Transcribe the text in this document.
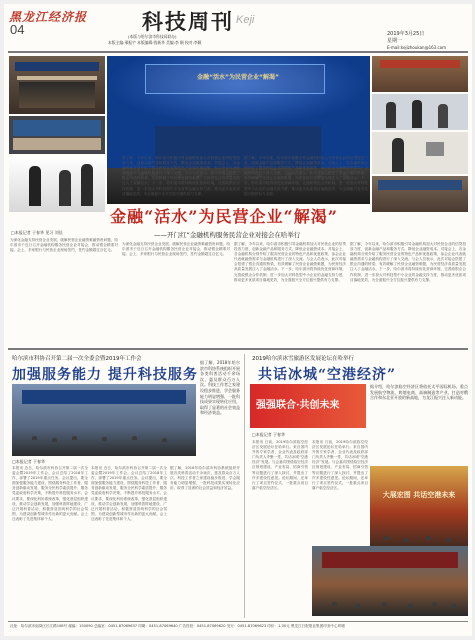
黑龙江经济报
04	科技周刊 Keji
(本版与哈尔滨市科技局联办)
本版主编:邢振宇 本版编辑:钱新华 美编:李 颖 校对:李颖
2019年3月25日
星期一
E-mail:kejizhoukan@163.com
金融“活水”为民营企业“解渴”
金融“活水”为民营企业“解渴”
——开门红“金融机构服务民营企业对接会在哈举行
□本报记者 于春华 见习 刘佳
为深化金融支持民营企业发展，破解民营企业融资难融资贵问题，哈尔滨市于近日召开金融机构服务民营企业对接会，推动银企精准对接。会上，多家银行与民营企业现场签约，签约金额超过百亿元。
据了解，今年以来，哈尔滨市积极引导金融机构加大对民营企业的信贷投放力度，创新金融产品和服务方式，降低企业融资成本。对接会上，各金融机构分别介绍了服务民营企业的特色产品和优惠政策，参会企业代表就融资需求与金融机构进行了深入交流。与会人员表示，此次对接会搭建了银企沟通的桥梁，有效缓解了民营企业融资难题，为民营经济高质量发展注入了金融活水。下一步，哈尔滨市将持续优化营商环境，完善政银企合作机制，进一步加大对科技型中小企业的金融支持力度，推动更多优质项目落地见效，为全面振兴全方位振兴提供有力支撑。
据了解，今年以来，哈尔滨市积极引导金融机构加大对民营企业的信贷投放力度，创新金融产品和服务方式，降低企业融资成本。对接会上，各金融机构分别介绍了服务民营企业的特色产品和优惠政策，参会企业代表就融资需求与金融机构进行了深入交流。与会人员表示，此次对接会搭建了银企沟通的桥梁，有效缓解了民营企业融资难题，为民营经济高质量发展注入了金融活水。下一步，哈尔滨市将持续优化营商环境，完善政银企合作机制，进一步加大对科技型中小企业的金融支持力度，推动更多优质项目落地见效，为全面振兴全方位振兴提供有力支撑。
为深化金融支持民营企业发展，破解民营企业融资难融资贵问题，哈尔滨市于近日召开金融机构服务民营企业对接会，推动银企精准对接。会上，多家银行与民营企业现场签约，签约金额超过百亿元。
据了解，今年以来，哈尔滨市积极引导金融机构加大对民营企业的信贷投放力度，创新金融产品和服务方式，降低企业融资成本。对接会上，各金融机构分别介绍了服务民营企业的特色产品和优惠政策，参会企业代表就融资需求与金融机构进行了深入交流。与会人员表示，此次对接会搭建了银企沟通的桥梁，有效缓解了民营企业融资难题，为民营经济高质量发展注入了金融活水。下一步，哈尔滨市将持续优化营商环境，完善政银企合作机制，进一步加大对科技型中小企业的金融支持力度，推动更多优质项目落地见效，为全面振兴全方位振兴提供有力支撑。
据了解，今年以来，哈尔滨市积极引导金融机构加大对民营企业的信贷投放力度，创新金融产品和服务方式，降低企业融资成本。对接会上，各金融机构分别介绍了服务民营企业的特色产品和优惠政策，参会企业代表就融资需求与金融机构进行了深入交流。与会人员表示，此次对接会搭建了银企沟通的桥梁，有效缓解了民营企业融资难题，为民营经济高质量发展注入了金融活水。下一步，哈尔滨市将持续优化营商环境，完善政银企合作机制，进一步加大对科技型中小企业的金融支持力度，推动更多优质项目落地见效，为全面振兴全方位振兴提供有力支撑。
哈尔滨市科协召开第二届一次全委会暨2019年工作会
加强服务能力 提升科技服务
据了解，2018年哈尔滨市科协系统组织开展各类科普活动千余场次，惠及群众百万人次。科技工作者之家建设稳步推进，学会服务能力明显增强，一批科技成果实现转化应用，取得了显著的社会效益和经济效益。
□本报记者 于春华
本报讯 近日，哈尔滨市科协召开第二届一次全委会暨2019年工作会。会议总结了2018年工作，部署了2019年重点任务。会议提出，要全面加强服务能力建设，围绕服务科技工作者、服务创新驱动发展、服务全民科学素质提升、服务党委政府科学决策，不断提升科技服务水平。会议要求，要深化科协系统改革，强化基层组织建设，推动学会创新发展，加强科普阵地建设，广泛开展科普活动，积极营造崇尚科学的社会氛围，为建设创新型城市作出新的更大贡献。会上还表彰了先进集体和个人。
本报讯 近日，哈尔滨市科协召开第二届一次全委会暨2019年工作会。会议总结了2018年工作，部署了2019年重点任务。会议提出，要全面加强服务能力建设，围绕服务科技工作者、服务创新驱动发展、服务全民科学素质提升、服务党委政府科学决策，不断提升科技服务水平。会议要求，要深化科协系统改革，强化基层组织建设，推动学会创新发展，加强科普阵地建设，广泛开展科普活动，积极营造崇尚科学的社会氛围，为建设创新型城市作出新的更大贡献。会上还表彰了先进集体和个人。
据了解，2018年哈尔滨市科协系统组织开展各类科普活动千余场次，惠及群众百万人次。科技工作者之家建设稳步推进，学会服务能力明显增强，一批科技成果实现转化应用，取得了显著的社会效益和经济效益。
2019哈尔滨冰雪旅游区发展论坛在哈举行
共话冰城“空港经济”
强强联合·共创未来
据介绍，哈尔滨临空经济区将依托太平国际机场，重点发展航空物流、跨境电商、高端制造等产业，打造对俄合作和东北亚开放的新高地，为龙江振兴注入新动能。
□本报记者 于春华
本报讯 日前，2019哈尔滨临空经济区发展论坛在哈举行。来自国内外的专家学者、企业代表及政府部门负责人齐聚一堂，共话冰城“空港经济”发展。与会嘉宾围绕临空经济区规划建设、产业布局、招商引资等议题进行了深入探讨，并提出了许多建设性意见。论坛期间，还举行了项目签约仪式，一批重点项目落户临空经济区。
本报讯 日前，2019哈尔滨临空经济区发展论坛在哈举行。来自国内外的专家学者、企业代表及政府部门负责人齐聚一堂，共话冰城“空港经济”发展。与会嘉宾围绕临空经济区规划建设、产业布局、招商引资等议题进行了深入探讨，并提出了许多建设性意见。论坛期间，还举行了项目签约仪式，一批重点项目落户临空经济区。
大展宏图 共话空港未来
社址：哈尔滨市南岗区长江路108号 邮编：150090 总编室：0451-87069637 印刷：0451-87069640 广告经营：0451-87069620 发行：0451-87069623 印价：1.00元 黑龙江日报报业集团印务中心印刷
